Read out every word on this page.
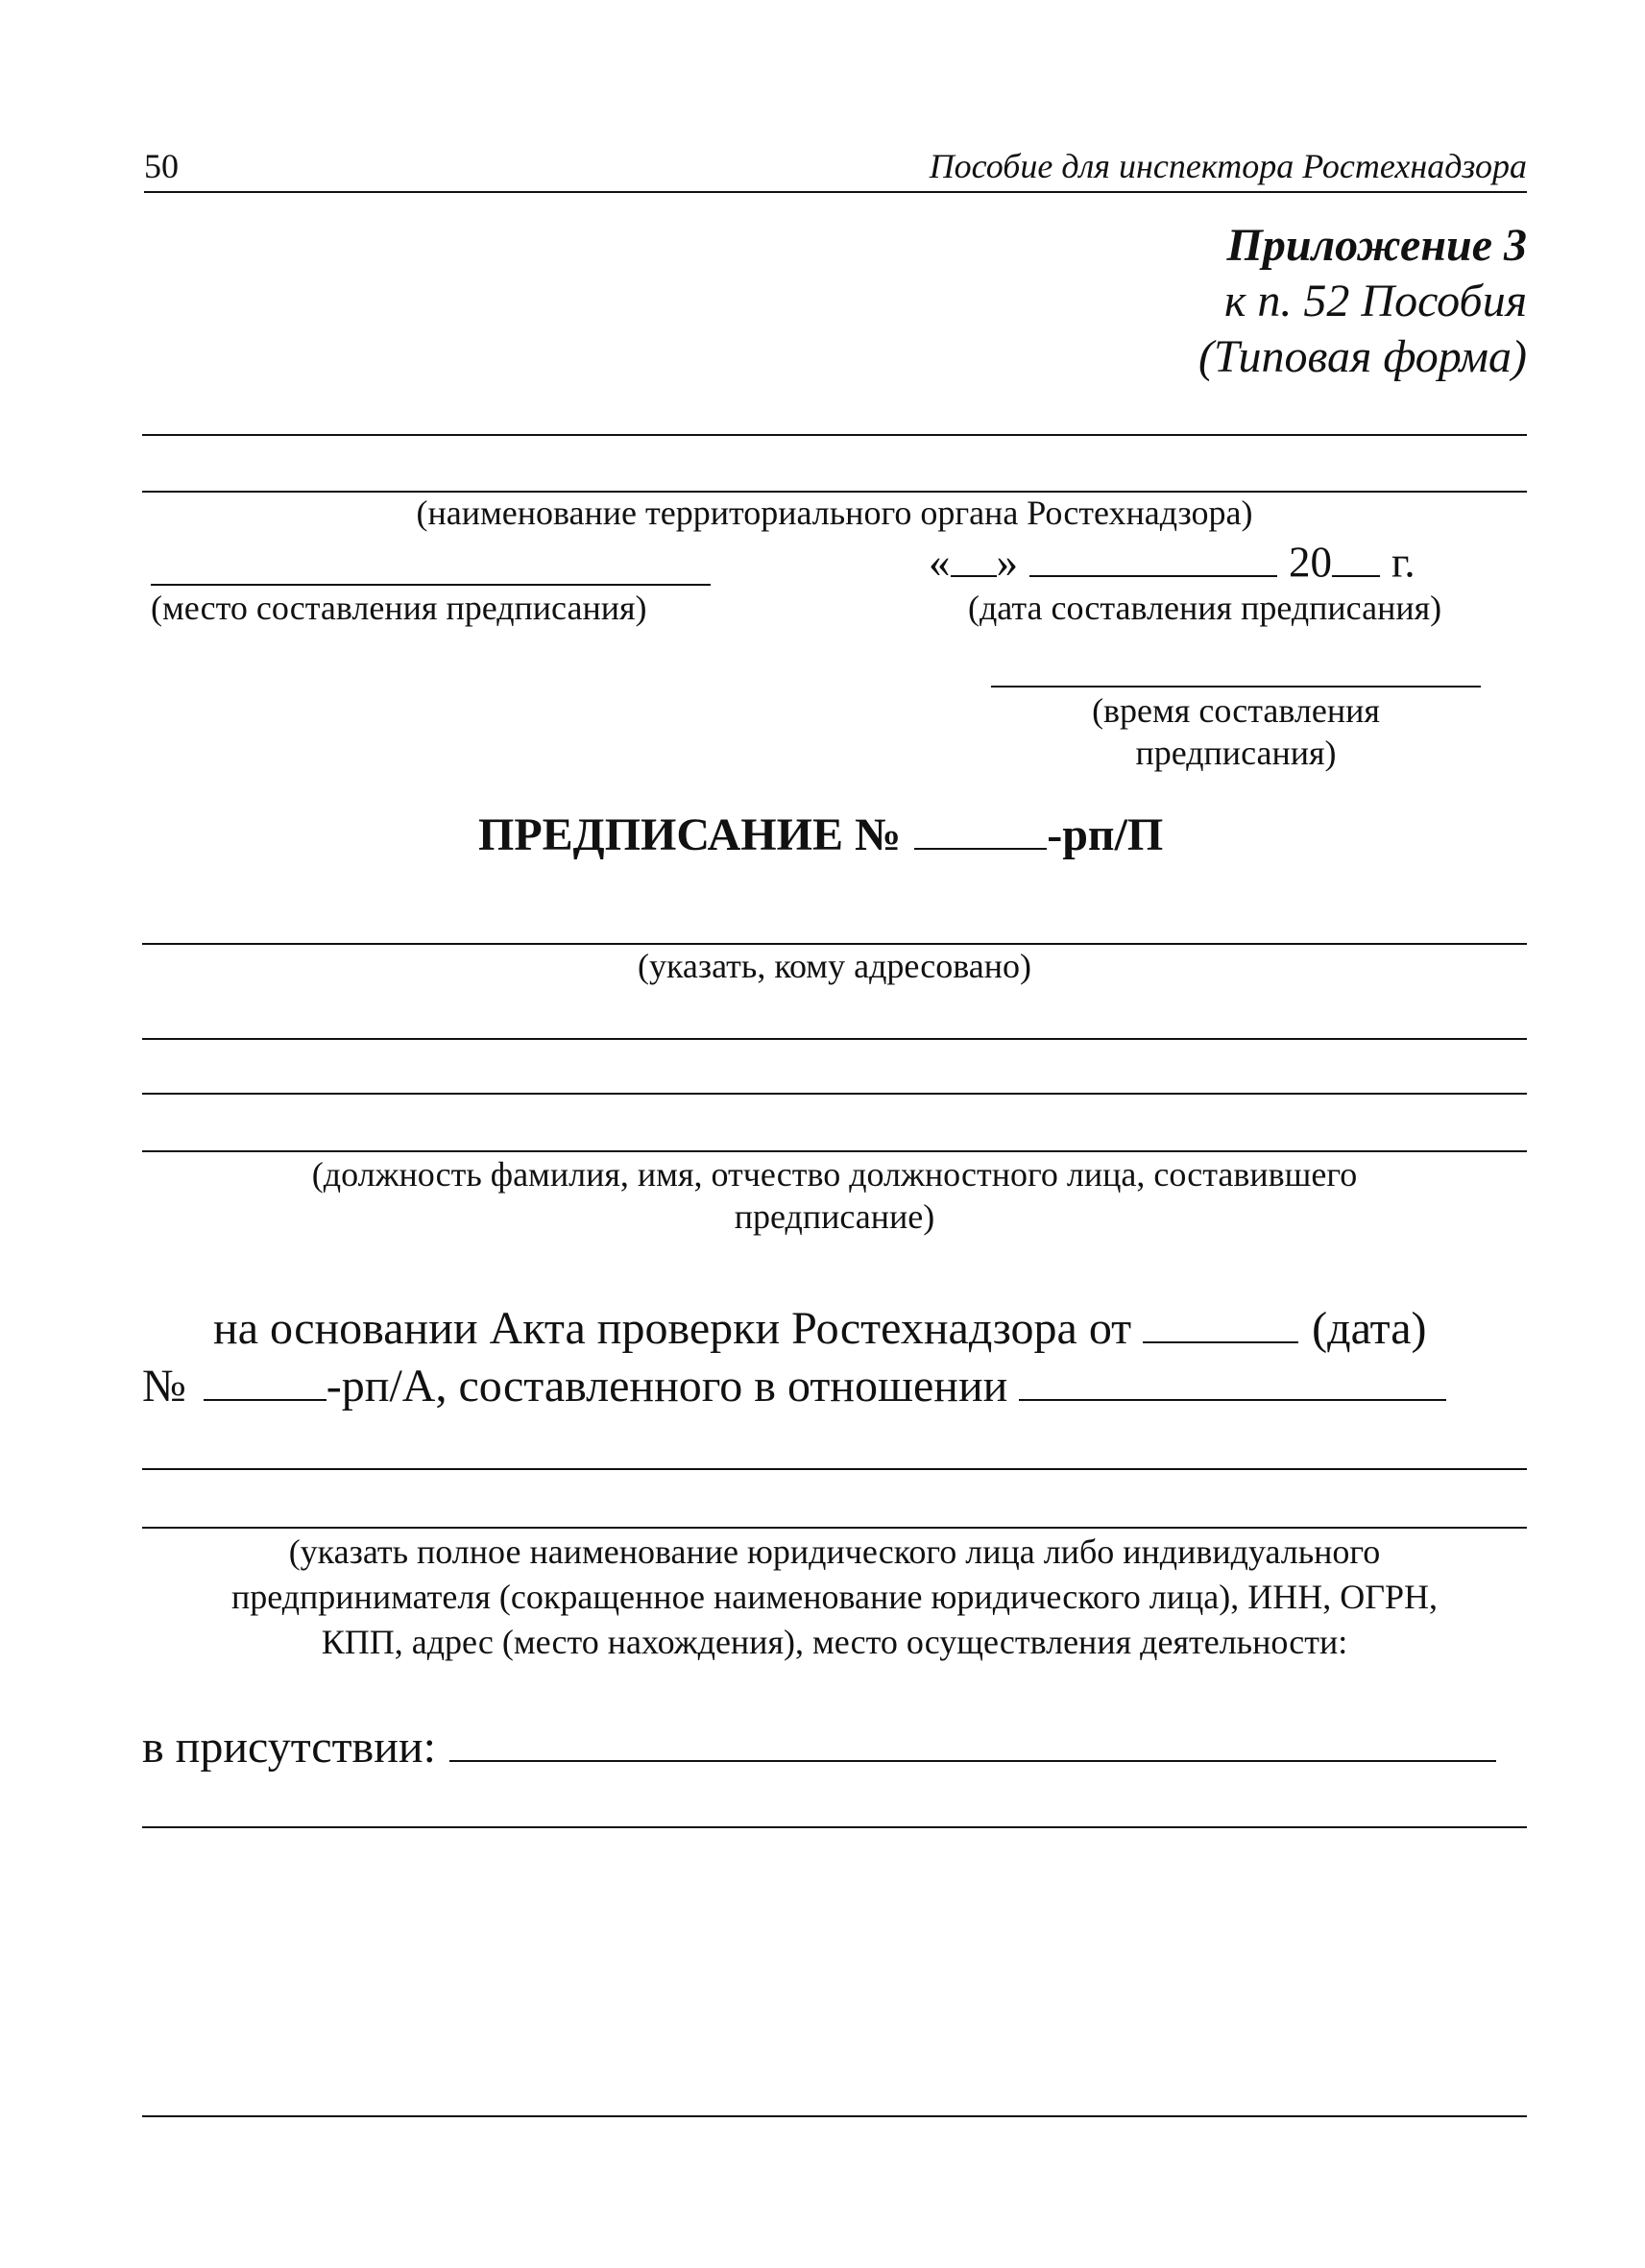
50	Пособие для инспектора Ростехнадзора
Приложение 3
к п. 52 Пособия
(Типовая форма)
(наименование территориального органа Ростехнадзора)
(место составления предписания)
« »	20 г.
(дата составления предписания)
(время составления
предписания)
ПРЕДПИСАНИЕ №	-рп/П
(указать, кому адресовано)
(должность фамилия, имя, отчество должностного лица, составившего
предписание)
на основании Акта проверки Ростехнадзора от	(дата)
№	-рп/А, составленного в отношении
(указать полное наименование юридического лица либо индивидуального
предпринимателя (сокращенное наименование юридического лица), ИНН, ОГРН,
КПП, адрес (место нахождения), место осуществления деятельности:
в присутствии:
